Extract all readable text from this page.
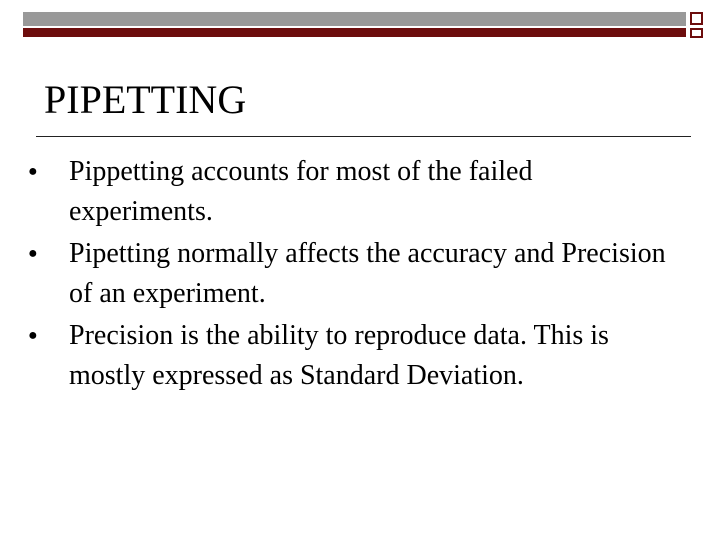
PIPETTING
● Pippetting accounts for most of the failed experiments.
● Pipetting normally affects the accuracy and Precision of an experiment.
● Precision is the ability to reproduce data. This is mostly expressed as Standard Deviation.
